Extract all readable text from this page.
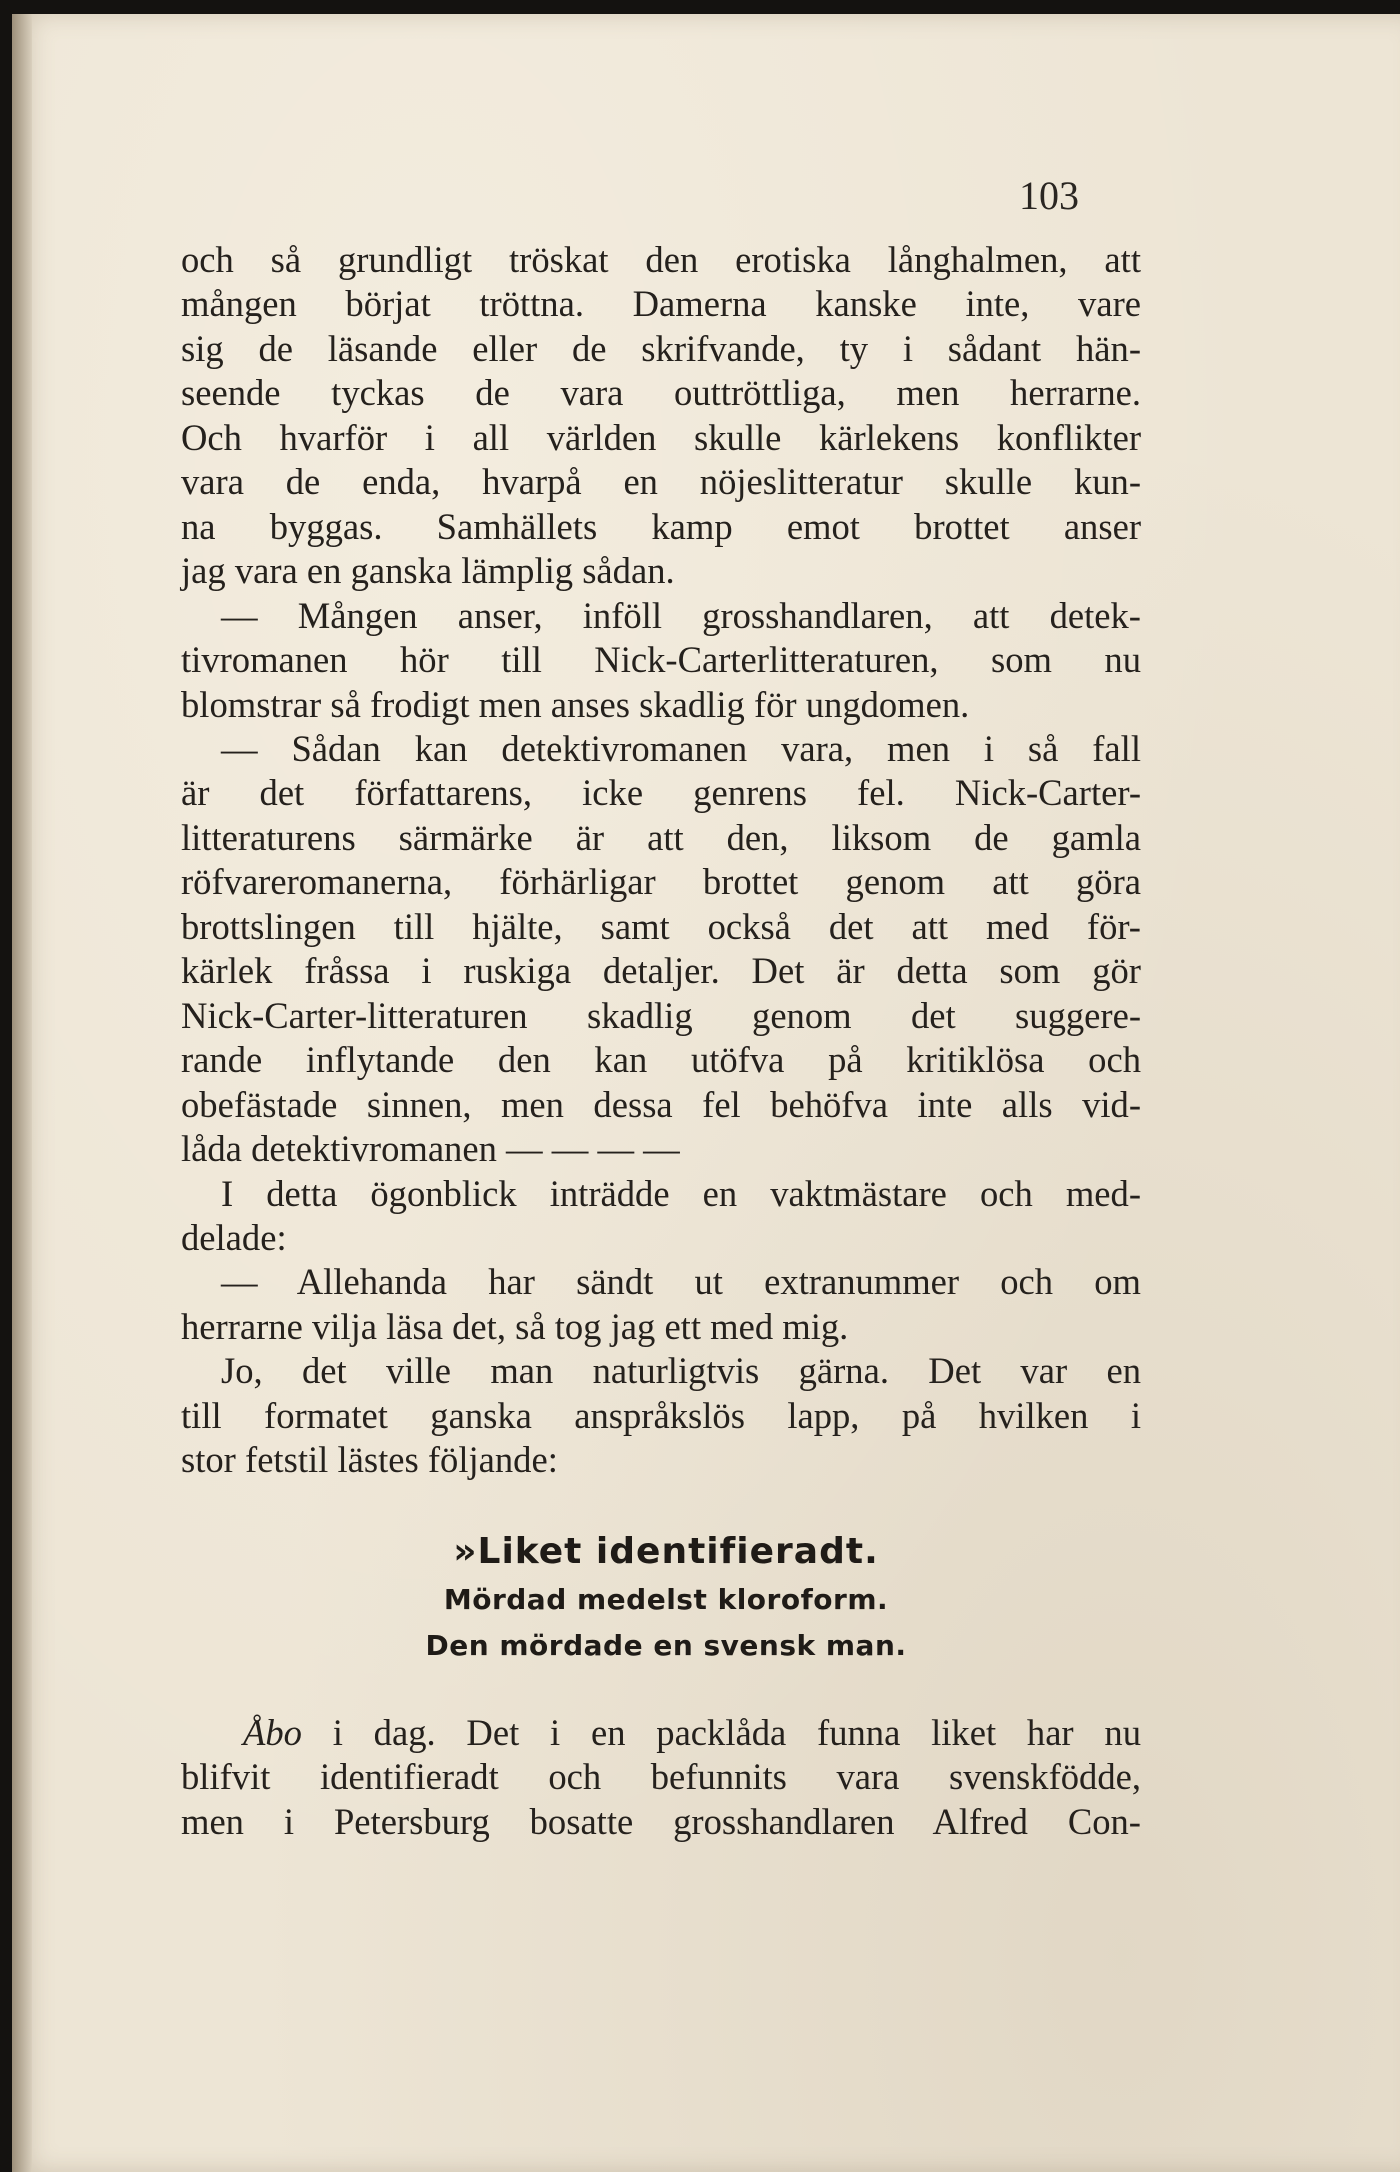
103
och så grundligt tröskat den erotiska långhalmen, att
mången börjat tröttna. Damerna kanske inte, vare
sig de läsande eller de skrifvande, ty i sådant hän-
seende tyckas de vara outtröttliga, men herrarne.
Och hvarför i all världen skulle kärlekens konflikter
vara de enda, hvarpå en nöjeslitteratur skulle kun-
na byggas. Samhällets kamp emot brottet anser
jag vara en ganska lämplig sådan.
— Mången anser, inföll grosshandlaren, att detek-
tivromanen hör till Nick-Carterlitteraturen, som nu
blomstrar så frodigt men anses skadlig för ungdomen.
— Sådan kan detektivromanen vara, men i så fall
är det författarens, icke genrens fel. Nick-Carter-
litteraturens särmärke är att den, liksom de gamla
röfvareromanerna, förhärligar brottet genom att göra
brottslingen till hjälte, samt också det att med för-
kärlek fråssa i ruskiga detaljer. Det är detta som gör
Nick-Carter-litteraturen skadlig genom det suggere-
rande inflytande den kan utöfva på kritiklösa och
obefästade sinnen, men dessa fel behöfva inte alls vid-
låda detektivromanen — — — —
I detta ögonblick inträdde en vaktmästare och med-
delade:
— Allehanda har sändt ut extranummer och om
herrarne vilja läsa det, så tog jag ett med mig.
Jo, det ville man naturligtvis gärna. Det var en
till formatet ganska anspråkslös lapp, på hvilken i
stor fetstil lästes följande:
»Liket identifieradt.
Mördad medelst kloroform.
Den mördade en svensk man.
Åbo i dag. Det i en packlåda funna liket har nu
blifvit identifieradt och befunnits vara svenskfödde,
men i Petersburg bosatte grosshandlaren Alfred Con-
